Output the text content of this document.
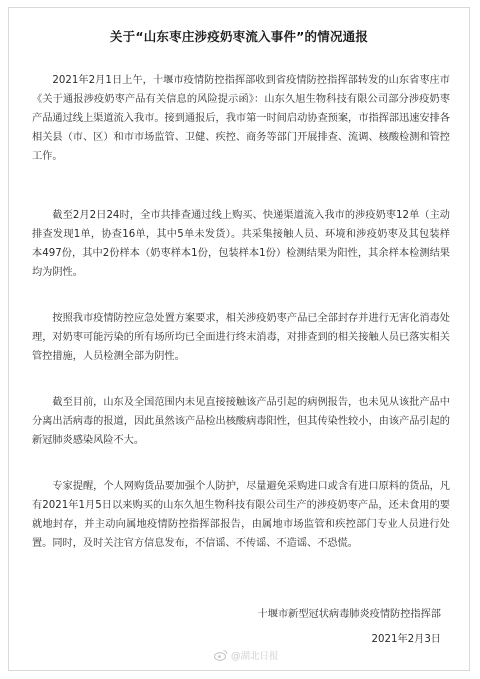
关于“山东枣庄涉疫奶枣流入事件”的情况通报

2021年2月1日上午，十堰市疫情防控指挥部收到省疫情防控指挥部转发的山东省枣庄市《关于通报涉疫奶枣产品有关信息的风险提示函》：山东久旭生物科技有限公司部分涉疫奶枣产品通过线上渠道流入我市。接到通报后，我市第一时间启动协查预案，市指挥部迅速安排各相关县（市、区）和市市场监管、卫健、疾控、商务等部门开展排查、流调、核酸检测和管控工作。

截至2月2日24时，全市共排查通过线上购买、快递渠道流入我市的涉疫奶枣12单（主动排查发现1单，协查16单，其中5单未发货）。共采集接触人员、环境和涉疫奶枣及其包装样本497份，其中2份样本（奶枣样本1份，包装样本1份）检测结果为阳性，其余样本检测结果均为阴性。

按照我市疫情防控应急处置方案要求，相关涉疫奶枣产品已全部封存并进行无害化消毒处理，对奶枣可能污染的所有场所均已全面进行终末消毒，对排查到的相关接触人员已落实相关管控措施，人员检测全部为阴性。

截至目前，山东及全国范围内未见直接接触该产品引起的病例报告，也未见从该批产品中分离出活病毒的报道，因此虽然该产品检出核酸病毒阳性，但其传染性较小，由该产品引起的新冠肺炎感染风险不大。

专家提醒，个人网购货品要加强个人防护，尽量避免采购进口或含有进口原料的货品，凡有2021年1月5日以来购买的山东久旭生物科技有限公司生产的涉疫奶枣产品，还未食用的要就地封存，并主动向属地疫情防控指挥部报告，由属地市场监管和疾控部门专业人员进行处置。同时，及时关注官方信息发布，不信谣、不传谣、不造谣、不恐慌。

十堰市新型冠状病毒肺炎疫情防控指挥部
2021年2月3日
@湖北日报
